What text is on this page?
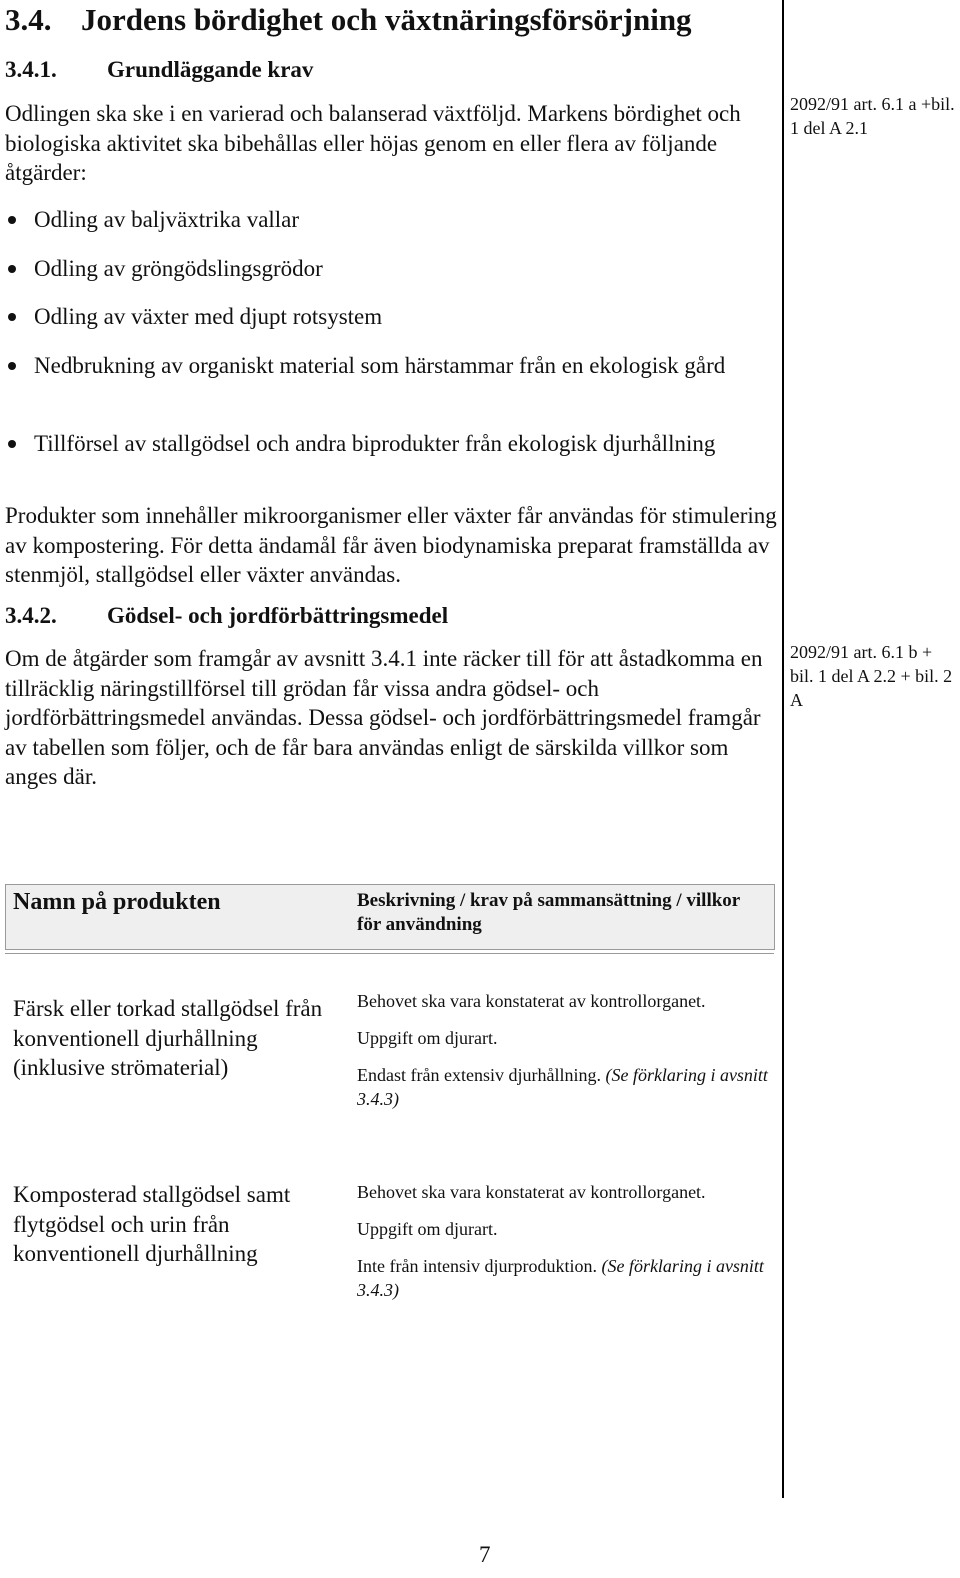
3.4. Jordens bördighet och växtnäringsförsörjning
3.4.1. Grundläggande krav
Odlingen ska ske i en varierad och balanserad växtföljd. Markens bördighet och biologiska aktivitet ska bibehållas eller höjas genom en eller flera av följande åtgärder:
2092/91 art. 6.1 a +bil. 1 del A 2.1
Odling av baljväxtrika vallar
Odling av gröngödslingsgrödor
Odling av växter med djupt rotsystem
Nedbrukning av organiskt material som härstammar från en ekologisk gård
Tillförsel av stallgödsel och andra biprodukter från ekologisk djurhållning
Produkter som innehåller mikroorganismer eller växter får användas för stimulering av kompostering. För detta ändamål får även biodynamiska preparat framställda av stenmjöl, stallgödsel eller växter användas.
3.4.2. Gödsel- och jordförbättringsmedel
Om de åtgärder som framgår av avsnitt 3.4.1 inte räcker till för att åstadkomma en tillräcklig näringstillförsel till grödan får vissa andra gödsel- och jordförbättringsmedel användas. Dessa gödsel- och jordförbättringsmedel framgår av tabellen som följer, och de får bara användas enligt de särskilda villkor som anges där.
2092/91 art. 6.1 b + bil. 1 del A 2.2 + bil. 2 A
Namn på produkten	Beskrivning / krav på sammansättning / villkor för användning
Färsk eller torkad stallgödsel från konventionell djurhållning (inklusive strömaterial)

Behovet ska vara konstaterat av kontrollorganet.

Uppgift om djurart.

Endast från extensiv djurhållning. (Se förklaring i avsnitt 3.4.3)

Komposterad stallgödsel samt flytgödsel och urin från konventionell djurhållning

Behovet ska vara konstaterat av kontrollorganet.

Uppgift om djurart.

Inte från intensiv djurproduktion. (Se förklaring i avsnitt 3.4.3)

7
